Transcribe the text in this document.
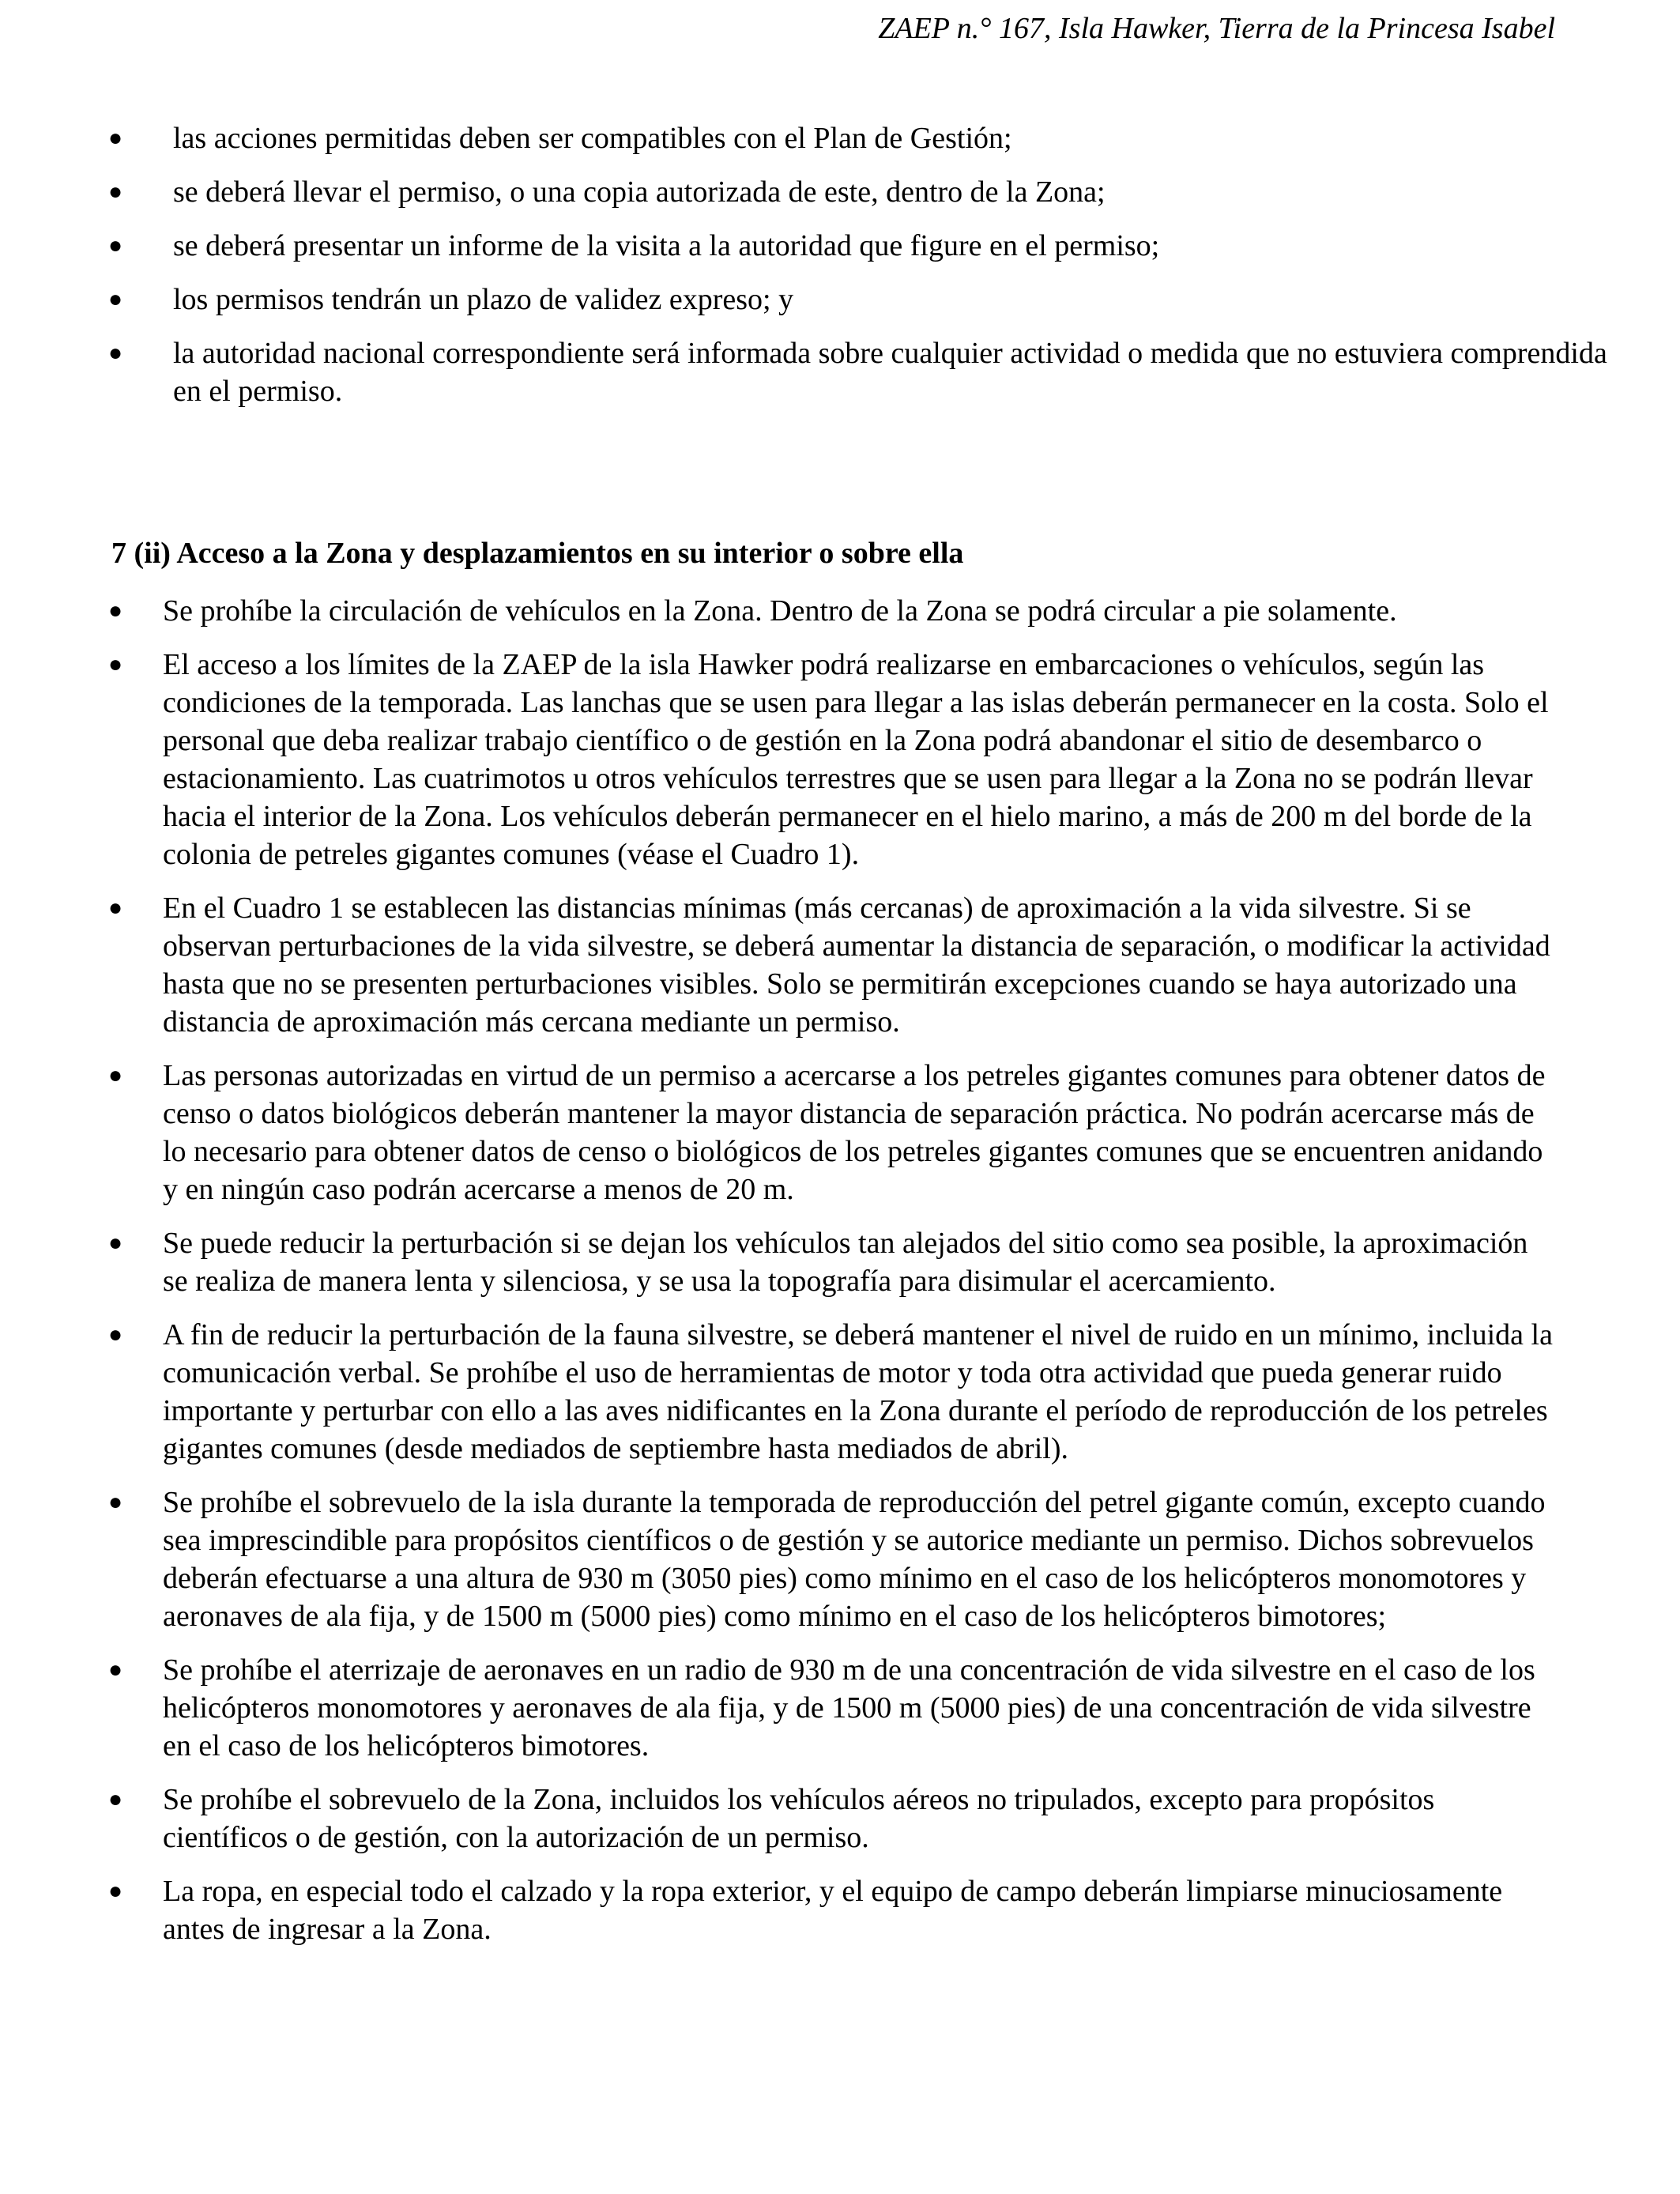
ZAEP n.° 167, Isla Hawker, Tierra de la Princesa Isabel
● las acciones permitidas deben ser compatibles con el Plan de Gestión;
● se deberá llevar el permiso, o una copia autorizada de este, dentro de la Zona;
● se deberá presentar un informe de la visita a la autoridad que figure en el permiso;
● los permisos tendrán un plazo de validez expreso; y
● la autoridad nacional correspondiente será informada sobre cualquier actividad o medida que no estuviera comprendida en el permiso.
7 (ii) Acceso a la Zona y desplazamientos en su interior o sobre ella
● Se prohíbe la circulación de vehículos en la Zona. Dentro de la Zona se podrá circular a pie solamente.
● El acceso a los límites de la ZAEP de la isla Hawker podrá realizarse en embarcaciones o vehículos, según las condiciones de la temporada. Las lanchas que se usen para llegar a las islas deberán permanecer en la costa. Solo el personal que deba realizar trabajo científico o de gestión en la Zona podrá abandonar el sitio de desembarco o estacionamiento. Las cuatrimotos u otros vehículos terrestres que se usen para llegar a la Zona no se podrán llevar hacia el interior de la Zona. Los vehículos deberán permanecer en el hielo marino, a más de 200 m del borde de la colonia de petreles gigantes comunes (véase el Cuadro 1).
● En el Cuadro 1 se establecen las distancias mínimas (más cercanas) de aproximación a la vida silvestre. Si se observan perturbaciones de la vida silvestre, se deberá aumentar la distancia de separación, o modificar la actividad hasta que no se presenten perturbaciones visibles. Solo se permitirán excepciones cuando se haya autorizado una distancia de aproximación más cercana mediante un permiso.
● Las personas autorizadas en virtud de un permiso a acercarse a los petreles gigantes comunes para obtener datos de censo o datos biológicos deberán mantener la mayor distancia de separación práctica. No podrán acercarse más de lo necesario para obtener datos de censo o biológicos de los petreles gigantes comunes que se encuentren anidando y en ningún caso podrán acercarse a menos de 20 m.
● Se puede reducir la perturbación si se dejan los vehículos tan alejados del sitio como sea posible, la aproximación se realiza de manera lenta y silenciosa, y se usa la topografía para disimular el acercamiento.
● A fin de reducir la perturbación de la fauna silvestre, se deberá mantener el nivel de ruido en un mínimo, incluida la comunicación verbal. Se prohíbe el uso de herramientas de motor y toda otra actividad que pueda generar ruido importante y perturbar con ello a las aves nidificantes en la Zona durante el período de reproducción de los petreles gigantes comunes (desde mediados de septiembre hasta mediados de abril).
● Se prohíbe el sobrevuelo de la isla durante la temporada de reproducción del petrel gigante común, excepto cuando sea imprescindible para propósitos científicos o de gestión y se autorice mediante un permiso. Dichos sobrevuelos deberán efectuarse a una altura de 930 m (3050 pies) como mínimo en el caso de los helicópteros monomotores y aeronaves de ala fija, y de 1500 m (5000 pies) como mínimo en el caso de los helicópteros bimotores;
● Se prohíbe el aterrizaje de aeronaves en un radio de 930 m de una concentración de vida silvestre en el caso de los helicópteros monomotores y aeronaves de ala fija, y de 1500 m (5000 pies) de una concentración de vida silvestre en el caso de los helicópteros bimotores.
● Se prohíbe el sobrevuelo de la Zona, incluidos los vehículos aéreos no tripulados, excepto para propósitos científicos o de gestión, con la autorización de un permiso.
● La ropa, en especial todo el calzado y la ropa exterior, y el equipo de campo deberán limpiarse minuciosamente antes de ingresar a la Zona.
